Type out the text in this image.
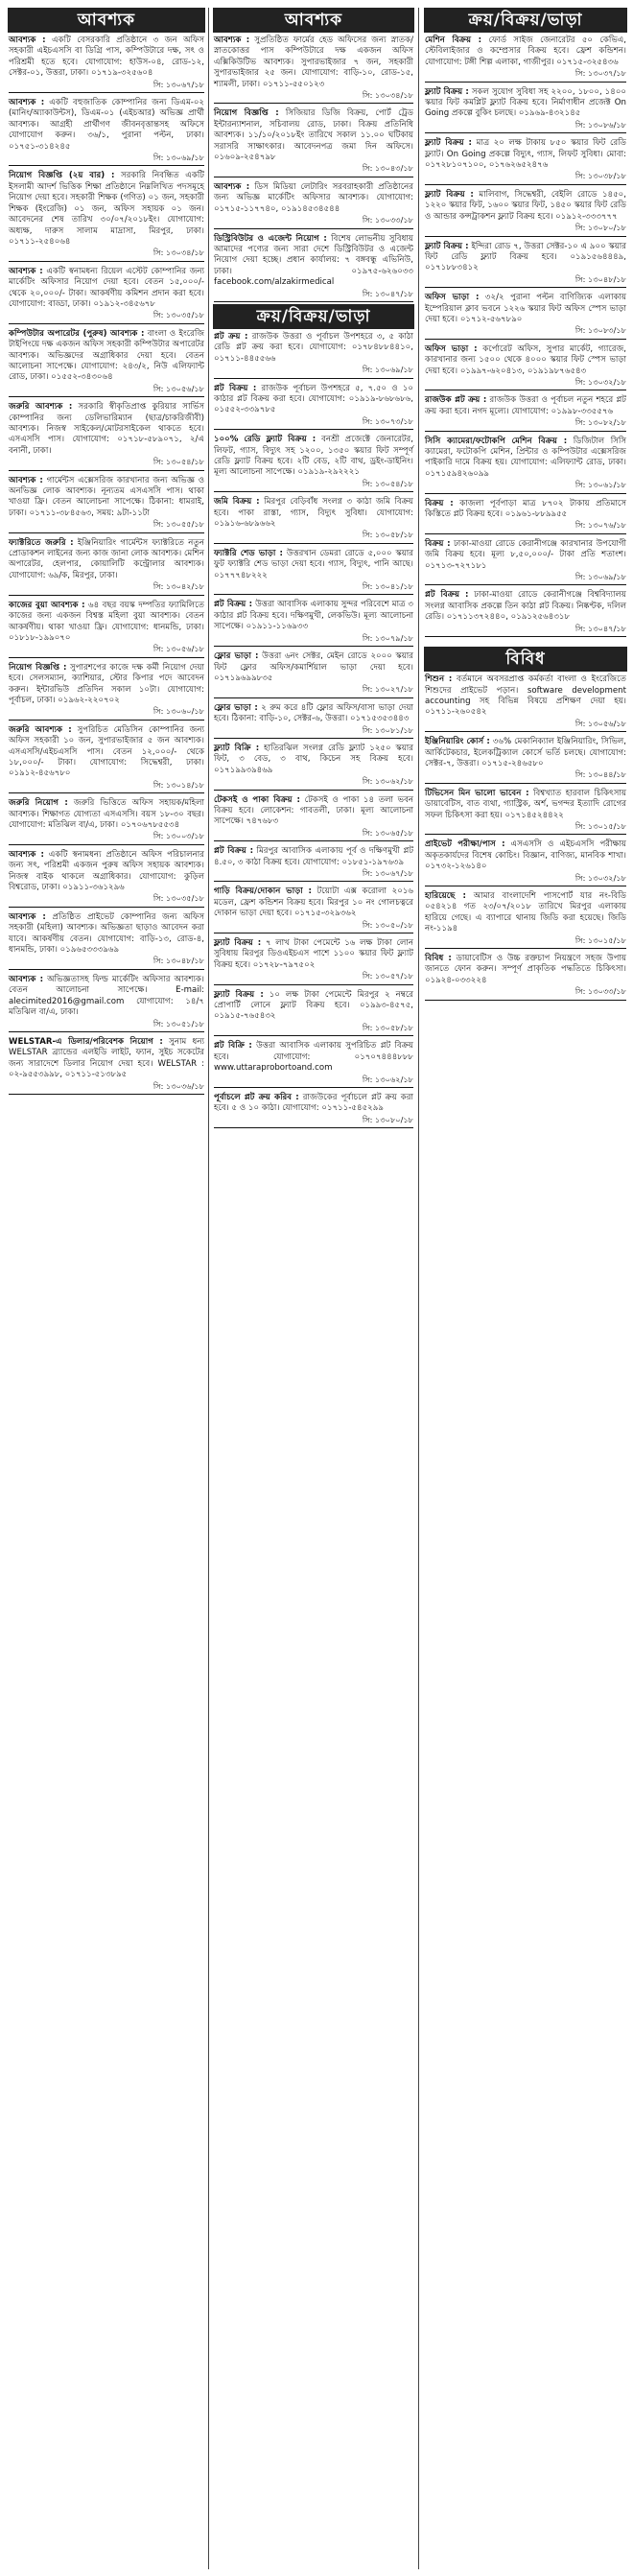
আবশ্যক
আবশ্যক : একটি বেসরকারি প্রতিষ্ঠানে ৩ জন অফিস সহকারী এইচএসসি বা ডিগ্রি পাস, কম্পিউটারে দক্ষ, সৎ ও পরিশ্রমী হতে হবে। যোগাযোগ: হাউস-০৪, রোড-১২, সেক্টর-০১, উত্তরা, ঢাকা। ০১৭১৯-৩২৫৬০৪
সি: ১৩০৬৭/১৮
আবশ্যক : একটি বহুজাতিক কোম্পানির জন্য ডিএম-০২ (মানিং/অ্যাকাউন্টস), ডিএম-০১ (এইচআর) অভিজ্ঞ প্রার্থী আবশ্যক। আগ্রহী প্রার্থীগণ জীবনবৃত্তান্তসহ অফিসে যোগাযোগ করুন। ৩৬/১, পুরানা পল্টন, ঢাকা। ০১৭৫১-৩১৪২৪৫
সি: ১৩০৬৯/১৮
নিয়োগ বিজ্ঞপ্তি (২য় বার) : সরকারি নিবন্ধিত একটি ইসলামী আদর্শ ভিত্তিক শিক্ষা প্রতিষ্ঠানে নিম্নলিখিত পদসমূহে নিয়োগ দেয়া হবে। সহকারী শিক্ষক (গণিত) ০১ জন, সহকারী শিক্ষক (ইংরেজি) ০১ জন, অফিস সহায়ক ০১ জন। আবেদনের শেষ তারিখ ৩০/০৭/২০১৮ইং। যোগাযোগ: অধ্যক্ষ, দারুস সালাম মাদ্রাসা, মিরপুর, ঢাকা। ০১৭১১-২৫৪০৬৪
সি: ১৩০৩৪/১৮
আবশ্যক : একটি স্বনামধন্য রিয়েল এস্টেট কোম্পানির জন্য মার্কেটিং অফিসার নিয়োগ দেয়া হবে। বেতন ১৫,০০০/- থেকে ২০,০০০/- টাকা। আকর্ষণীয় কমিশন প্রদান করা হবে। যোগাযোগ: বাড্ডা, ঢাকা। ০১৯১২-৩৪৫৬৭৮
সি: ১৩০৩৫/১৮
কম্পিউটার অপারেটর (পুরুষ) আবশ্যক : বাংলা ও ইংরেজি টাইপিংয়ে দক্ষ একজন অফিস সহকারী কম্পিউটার অপারেটর আবশ্যক। অভিজ্ঞদের অগ্রাধিকার দেয়া হবে। বেতন আলোচনা সাপেক্ষে। যোগাযোগ: ২৪৩/২, নিউ এলিফ্যান্ট রোড, ঢাকা। ০১৫৫২-৩৪৩০৬৪
সি: ১৩০৫৬/১৮
জরুরি আবশ্যক : সরকারি স্বীকৃতিপ্রাপ্ত কুরিয়ার সার্ভিস কোম্পানির জন্য ডেলিভারিম্যান (ছাত্র/চাকরিজীবী) আবশ্যক। নিজস্ব সাইকেল/মোটরসাইকেল থাকতে হবে। এসএসসি পাস। যোগাযোগ: ০১৭১৮-৫৮৯০৭১, ২/এ বনানী, ঢাকা।
সি: ১৩০৫৪/১৮
আবশ্যক : গার্মেন্টস এক্সেসরিজ কারখানার জন্য অভিজ্ঞ ও অনভিজ্ঞ লোক আবশ্যক। নূন্যতম এসএসসি পাস। থাকা খাওয়া ফ্রি। বেতন আলোচনা সাপেক্ষে। ঠিকানা: ধামরাই, ঢাকা। ০১৭১১-৩৮৪৫৬৩, সময়: ৯টা-১১টা
সি: ১৩০৫৫/১৮
ফ্যাক্টরিতে জরুরি : ইঞ্জিনিয়ারিং গার্মেন্টস ফ্যাক্টরিতে নতুন প্রোডাকশন লাইনের জন্য কাজ জানা লোক আবশ্যক। মেশিন অপারেটর, হেলপার, কোয়ালিটি কন্ট্রোলার আবশ্যক। যোগাযোগ: ৬৯/ক, মিরপুর, ঢাকা।
সি: ১৩০৪২/১৮
কাজের বুয়া আবশ্যক : ৬৪ বছর বয়স্ক দম্পতির ফ্যামিলিতে কাজের জন্য একজন বিশ্বস্ত মহিলা বুয়া আবশ্যক। বেতন আকর্ষণীয়। থাকা খাওয়া ফ্রি। যোগাযোগ: ধানমন্ডি, ঢাকা। ০১৮১৮-১৯৯০৭০
সি: ১৩০৫৬/১৮
নিয়োগ বিজ্ঞপ্তি : সুপারশপের কাজে দক্ষ কর্মী নিয়োগ দেয়া হবে। সেলসম্যান, ক্যাশিয়ার, স্টোর কিপার পদে আবেদন করুন। ইন্টারভিউ প্রতিদিন সকাল ১০টা। যোগাযোগ: পূর্বাচল, ঢাকা। ০১৯৬২-২২০৭০২
সি: ১৩০৬০/১৮
জরুরি আবশ্যক : সুপরিচিত মেডিসিন কোম্পানির জন্য অফিস সহকারী ১০ জন, সুপারভাইজার ৫ জন আবশ্যক। এসএসসি/এইচএসসি পাস। বেতন ১২,০০০/- থেকে ১৮,০০০/- টাকা। যোগাযোগ: সিদ্ধেশ্বরী, ঢাকা। ০১৯১২-৪৫৬৭৮০
সি: ১৩০১৪/১৮
জরুরি নিয়োগ : জরুরি ভিত্তিতে অফিস সহায়ক/মহিলা আবশ্যক। শিক্ষাগত যোগ্যতা এসএসসি। বয়স ১৮-৩০ বছর। যোগাযোগ: মতিঝিল বা/এ, ঢাকা। ০১৭০৬৭৮৫৫৩৪
সি: ১৩০০৩/১৮
আবশ্যক : একটি স্বনামধন্য প্রতিষ্ঠানে অফিস পরিচালনার জন্য সৎ, পরিশ্রমী একজন পুরুষ অফিস সহায়ক আবশ্যক। নিজস্ব বাইক থাকলে অগ্রাধিকার। যোগাযোগ: কুড়িল বিশ্বরোড, ঢাকা। ০১৯১১-৩৬১২৯৬
সি: ১৩০৩৫/১৮
আবশ্যক : প্রতিষ্ঠিত প্রাইভেট কোম্পানির জন্য অফিস সহকারী (মহিলা) আবশ্যক। অভিজ্ঞতা ছাড়াও আবেদন করা যাবে। আকর্ষণীয় বেতন। যোগাযোগ: বাড়ি-১৩, রোড-৪, ধানমন্ডি, ঢাকা। ০১৯৬৫৩৩৩৯৬৯
সি: ১৩০৪৮/১৮
আবশ্যক : অভিজ্ঞতাসহ ফিল্ড মার্কেটিং অফিসার আবশ্যক। বেতন আলোচনা সাপেক্ষে। E-mail: alecimited2016@gmail.com যোগাযোগ: ১৪/৭ মতিঝিল বা/এ, ঢাকা।
সি: ১৩০৫১/১৮
WELSTAR-এ ডিলার/পরিবেশক নিয়োগ : সুনাম ধন্য WELSTAR ব্র্যান্ডের এলইডি লাইট, ফ্যান, সুইচ সকেটের জন্য সারাদেশে ডিলার নিয়োগ দেয়া হবে। WELSTAR : ০২-৯৫৫৩৯৯৮, ০১৭১১-৫১৩৮৯৫
সি: ১৩০৩৬/১৮
আবশ্যক
আবশ্যক : সুপ্রতিষ্ঠিত ফার্মের হেড অফিসের জন্য স্নাতক/স্নাতকোত্তর পাস কম্পিউটারে দক্ষ একজন অফিস এক্সিকিউটিভ আবশ্যক। সুপারভাইজার ৭ জন, সহকারী সুপারভাইজার ২৫ জন। যোগাযোগ: বাড়ি-১০, রোড-১৫, শ্যামলী, ঢাকা। ০১৭১১-৫৫০১২৩
সি: ১৩০৩৪/১৮
নিয়োগ বিজ্ঞপ্তি : সিজিয়ার ডিজি বিক্রয়, পোর্ট ট্রেড ইন্টারন্যাশনাল, সচিবালয় রোড, ঢাকা। বিক্রয় প্রতিনিধি আবশ্যক। ১১/১০/২০১৮ইং তারিখে সকাল ১১.০০ ঘটিকায় সরাসরি সাক্ষাৎকার। আবেদনপত্র জমা দিন অফিসে। ০১৬০৯-২৫৪৭৯৮
সি: ১৩০৪৩/১৮
আবশ্যক : ডিস মিডিয়া লেটারিং সরবরাহকারী প্রতিষ্ঠানের জন্য অভিজ্ঞ মার্কেটিং অফিসার আবশ্যক। যোগাযোগ: ০১৭১৫-১১৭৭৪০, ০১৯১৪৫৩৪৫৪৪
সি: ১৩০৩৩/১৮
ডিস্ট্রিবিউটর ও এজেন্ট নিয়োগ : বিশেষ লোভনীয় সুবিধায় আমাদের পণ্যের জন্য সারা দেশে ডিস্ট্রিবিউটর ও এজেন্ট নিয়োগ দেয়া হচ্ছে। প্রধান কার্যালয়: ৭ বঙ্গবন্ধু এভিনিউ, ঢাকা। ০১৯৭৫-৬২৬০৩৩ facebook.com/alzakirmedical
সি: ১৩০৪৭/১৮
ক্রয়/বিক্রয়/ভাড়া
প্লট ক্রয় : রাজউক উত্তরা ও পূর্বাচল উপশহরে ৩, ৫ কাঠা রেডি প্লট ক্রয় করা হবে। যোগাযোগ: ০১৭৮৪৮৮৪৪১০, ০১৭১১-৪৪৫৫৬৬
সি: ১৩০৬৯/১৮
প্লট বিক্রয় : রাজউক পূর্বাচল উপশহরে ৫, ৭.৫০ ও ১০ কাঠার প্লট বিক্রয় করা হবে। যোগাযোগ: ০১৯১৯-৮৬৮৬৮৬, ০১৫৫২-৩৩৯৭৮৫
সি: ১৩০৭৩/১৮
১০০% রেডি ফ্ল্যাট বিক্রয় : বনশ্রী প্রজেক্টে জেনারেটর, লিফট, গ্যাস, বিদ্যুৎ সহ ১২০০, ১৩৫০ স্কয়ার ফিট সম্পূর্ণ রেডি ফ্ল্যাট বিক্রয় হবে। ২টি বেড, ২টি বাথ, ড্রইং-ডাইনিং। মূল্য আলোচনা সাপেক্ষে। ০১৯১৯-২৯২২২১
সি: ১৩০৫৪/১৮
জমি বিক্রয় : মিরপুর বেড়িবাঁধ সংলগ্ন ৩ কাঠা জমি বিক্রয় হবে। পাকা রাস্তা, গ্যাস, বিদ্যুৎ সুবিধা। যোগাযোগ: ০১৯১৬-৬৮৯৬৬২
সি: ১৩০৫৮/১৮
ফ্যাক্টরি শেড ভাড়া : উত্তরখান ডেমরা রোডে ৫,০০০ স্কয়ার ফুট ফ্যাক্টরি শেড ভাড়া দেয়া হবে। গ্যাস, বিদ্যুৎ, পানি আছে। ০১৭৭৭৪৮২২২
সি: ১৩০৪১/১৮
প্লট বিক্রয় : উত্তরা আবাসিক এলাকায় সুন্দর পরিবেশে মাত্র ৩ কাঠার প্লট বিক্রয় হবে। দক্ষিণমুখী, লেকভিউ। মূল্য আলোচনা সাপেক্ষে। ০১৯১১-১১৬৯৩৩
সি: ১৩০৭৯/১৮
ফ্লোর ভাড়া : উত্তরা ৬নং সেক্টর, মেইন রোডে ২০০০ স্কয়ার ফিট ফ্লোর অফিস/কমার্শিয়াল ভাড়া দেয়া হবে। ০১৭১৯৬৯৯৮৩৫
সি: ১৩০২৭/১৮
ফ্লোর ভাড়া : ২ রুম করে ৪টি ফ্লোর অফিস/বাসা ভাড়া দেয়া হবে। ঠিকানা: বাড়ি-১০, সেক্টর-৬, উত্তরা। ০১৭১৫৩৫৩৪৪৩
সি: ১৩০৮১/১৮
ফ্ল্যাট বিক্রি : হাতিরঝিল সংলগ্ন রেডি ফ্ল্যাট ১২৫০ স্কয়ার ফিট, ৩ বেড, ৩ বাথ, কিচেন সহ বিক্রয় হবে। ০১৭১৯৯৩৯৪৬৯
সি: ১৩০৬২/১৮
টেকসই ও পাকা বিক্রয় : টেকসই ও পাকা ১৪ তলা ভবন বিক্রয় হবে। লোকেশন: গাবতলী, ঢাকা। মূল্য আলোচনা সাপেক্ষে। ৭৪৭৬৮৩
সি: ১৩০৬৫/১৮
প্লট বিক্রয় : মিরপুর আবাসিক এলাকায় পূর্ব ও দক্ষিণমুখী প্লট ৪.৫০, ৩ কাঠা বিক্রয় হবে। যোগাযোগ: ০১৮৫১-১৯৭৬৩৯
সি: ১৩০৬৭/১৮
গাড়ি বিক্রয়/দোকান ভাড়া : টয়োটা এক্স করোলা ২০১৬ মডেল, ফ্রেশ কন্ডিশন বিক্রয় হবে। মিরপুর ১০ নং গোলচত্বরে দোকান ভাড়া দেয়া হবে। ০১৭১৫-৩২৯৩৬২
সি: ১৩০৫০/১৮
ফ্ল্যাট বিক্রয় : ৭ লাখ টাকা পেমেন্টে ১৬ লক্ষ টাকা লোন সুবিধায় মিরপুর ডিওএইচএস পাশে ১১০০ স্কয়ার ফিট ফ্ল্যাট বিক্রয় হবে। ০১৭২৮-৭৯৭৫০২
সি: ১৩০৫৭/১৮
ফ্ল্যাট বিক্রয় : ১০ লক্ষ টাকা পেমেন্টে মিরপুর ২ নম্বরে প্রোপার্টি লোনে ফ্ল্যাট বিক্রয় হবে। ০১৯৯৩-৪৫৭৫, ০১৯১৫-৭৬৫৪৩২
সি: ১৩০৫৮/১৮
প্লট বিক্রি : উত্তরা আবাসিক এলাকায় সুপরিচিত প্লট বিক্রয় হবে। যোগাযোগ: ০১৭০৭৪৪৪৮৮৮ www.uttaraprobortoand.com
সি: ১৩০৬২/১৮
পূর্বাচলে প্লট ক্রয় করিব : রাজউকের পূর্বাচলে প্লট ক্রয় করা হবে। ৫ ও ১০ কাঠা। যোগাযোগ: ০১৭১১-৫৪৫২৯৯
সি: ১৩০৮০/১৮
ক্রয়/বিক্রয়/ভাড়া
মেশিন বিক্রয় : ফোর্ড সাইজ জেনারেটর ৫০ কেভিএ, স্টেবিলাইজার ও কম্প্রেসার বিক্রয় হবে। ফ্রেশ কন্ডিশন। যোগাযোগ: টঙ্গী শিল্প এলাকা, গাজীপুর। ০১৭১৫-৩২৫৪৩৬
সি: ১৩০৩৭/১৮
ফ্ল্যাট বিক্রয় : সকল সুযোগ সুবিধা সহ ২২০০, ১৮০০, ১৪০০ স্কয়ার ফিট কমপ্লিট ফ্ল্যাট বিক্রয় হবে। নির্মাণাধীন প্রজেক্ট On Going প্রকল্পে বুকিং চলছে। ০১৯৬৯-৪৩২১৪৫
সি: ১৩০৮৬/১৮
ফ্ল্যাট বিক্রয় : মাত্র ২০ লক্ষ টাকায় ৮৫০ স্কয়ার ফিট রেডি ফ্ল্যাট। On Going প্রকল্পে বিদ্যুৎ, গ্যাস, লিফট সুবিধা। মোবা: ০১৭২৮১০৭১০০, ০১৭৬২৬৫২৪৭৬
সি: ১৩০৩৮/১৮
ফ্ল্যাট বিক্রয় : মালিবাগ, সিদ্ধেশ্বরী, বেইলি রোডে ১৪৫০, ১২২০ স্কয়ার ফিট, ১৬০০ স্কয়ার ফিট, ১৪৫০ স্কয়ার ফিট রেডি ও আন্ডার কন্সট্রাকশন ফ্ল্যাট বিক্রয় হবে। ০১৯১২-৩৩৩৭৭৭
সি: ১৩০৮০/১৮
ফ্ল্যাট বিক্রয় : ইন্দিরা রোড ৭, উত্তরা সেক্টর-১০ এ ৯০০ স্কয়ার ফিট রেডি ফ্ল্যাট বিক্রয় হবে। ০১৯১৫৬৪৪৪৯, ০১৭১৮৮৩৪১২
সি: ১৩০৪৮/১৮
অফিস ভাড়া : ৩২/২ পুরানা পল্টন বাণিজ্যিক এলাকায় ইম্পেরিয়াল ক্লাব ভবনে ১২২৬ স্কয়ার ফিট অফিস স্পেস ভাড়া দেয়া হবে। ০১৭১২-৫৬৭৮৯০
সি: ১৩০৮৩/১৮
অফিস ভাড়া : কর্পোরেট অফিস, সুপার মার্কেট, গ্যারেজ, কারখানার জন্য ১৫০০ থেকে ৪০০০ স্কয়ার ফিট স্পেস ভাড়া দেয়া হবে। ০১৯৯৭-৬২০৪১৩, ০১৯১৯৮৭৬৫৪৩
সি: ১৩০৩২/১৮
রাজউক প্লট ক্রয় : রাজউক উত্তরা ও পূর্বাচল নতুন শহরে প্লট ক্রয় করা হবে। নগদ মূল্যে। যোগাযোগ: ০১৯৯৮-৩৩৫৫৭৬
সি: ১৩০৮২/১৮
সিসি ক্যামেরা/ফটোকপি মেশিন বিক্রয় : ডিজিটাল সিসি ক্যামেরা, ফটোকপি মেশিন, প্রিন্টার ও কম্পিউটার এক্সেসরিজ পাইকারি দামে বিক্রয় হয়। যোগাযোগ: এলিফ্যান্ট রোড, ঢাকা। ০১৭১৫৯৪২৬০৯৯
সি: ১৩০৬১/১৮
বিক্রয় : কাজলা পূর্বপাড়া মাত্র ৮৭০২ টাকায় প্রতিমাসে কিস্তিতে প্লট বিক্রয় হবে। ০১৯৬১-৮৮৯৯৫৫
সি: ১৩০৭৬/১৮
বিক্রয় : ঢাকা-মাওয়া রোডে কেরানীগঞ্জে কারখানার উপযোগী জমি বিক্রয় হবে। মূল্য ৮,৫০,০০০/- টাকা প্রতি শতাংশ। ০১৭১৩-৭২৭১৮১
সি: ১৩০৬৯/১৮
প্লট বিক্রয় : ঢাকা-মাওয়া রোডে কেরানীগঞ্জে বিশ্ববিদ্যালয় সংলগ্ন আবাসিক প্রকল্পে তিন কাঠা প্লট বিক্রয়। নিষ্কণ্টক, দলিল রেডি। ০১৭১১৩৭২৪৪০, ০১৯১২৫৬৪৩১৮
সি: ১৩০৪৭/১৮
বিবিধ
শিশুন : বর্তমানে অবসরপ্রাপ্ত কর্মকর্তা বাংলা ও ইংরেজিতে শিশুদের প্রাইভেট পড়ান। software development accounting সহ বিভিন্ন বিষয়ে প্রশিক্ষণ দেয়া হয়। ০১৭১১-২৬০৫৪২
সি: ১৩০৫৬/১৮
ইঞ্জিনিয়ারিং কোর্স : ৩৬% মেকানিক্যাল ইঞ্জিনিয়ারিং, সিভিল, আর্কিটেকচার, ইলেকট্রিক্যাল কোর্সে ভর্তি চলছে। যোগাযোগ: সেক্টর-৭, উত্তরা। ০১৭১৫-২৪৬৫৮০
সি: ১৩০৪৪/১৮
টিভিসেন মিন ভালো ভাবেন : বিশ্বখ্যাত হারবাল চিকিৎসায় ডায়াবেটিস, বাত ব্যথা, গ্যাস্ট্রিক, অর্শ, ভগন্দর ইত্যাদি রোগের সফল চিকিৎসা করা হয়। ০১৭১৪৫২৪৪২২
সি: ১৩০১৫/১৮
প্রাইভেট পরীক্ষা/পাস : এসএসসি ও এইচএসসি পরীক্ষায় অকৃতকার্যদের বিশেষ কোচিং। বিজ্ঞান, বাণিজ্য, মানবিক শাখা। ০১৭৩২-১২৬১৪০
সি: ১৩০৩২/১৮
হারিয়েছে : আমার বাংলাদেশি পাসপোর্ট যার নং-বিডি ০৫৪২১৪ গত ২৩/০৭/২০১৮ তারিখে মিরপুর এলাকায় হারিয়ে গেছে। এ ব্যাপারে থানায় জিডি করা হয়েছে। জিডি নং-১১৯৪
সি: ১৩০১৫/১৮
বিবিধ : ডায়াবেটিস ও উচ্চ রক্তচাপ নিয়ন্ত্রণে সহজ উপায় জানতে ফোন করুন। সম্পূর্ণ প্রাকৃতিক পদ্ধতিতে চিকিৎসা। ০১৯২৪-০৩৩২২৪
সি: ১৩০৩৩/১৮
